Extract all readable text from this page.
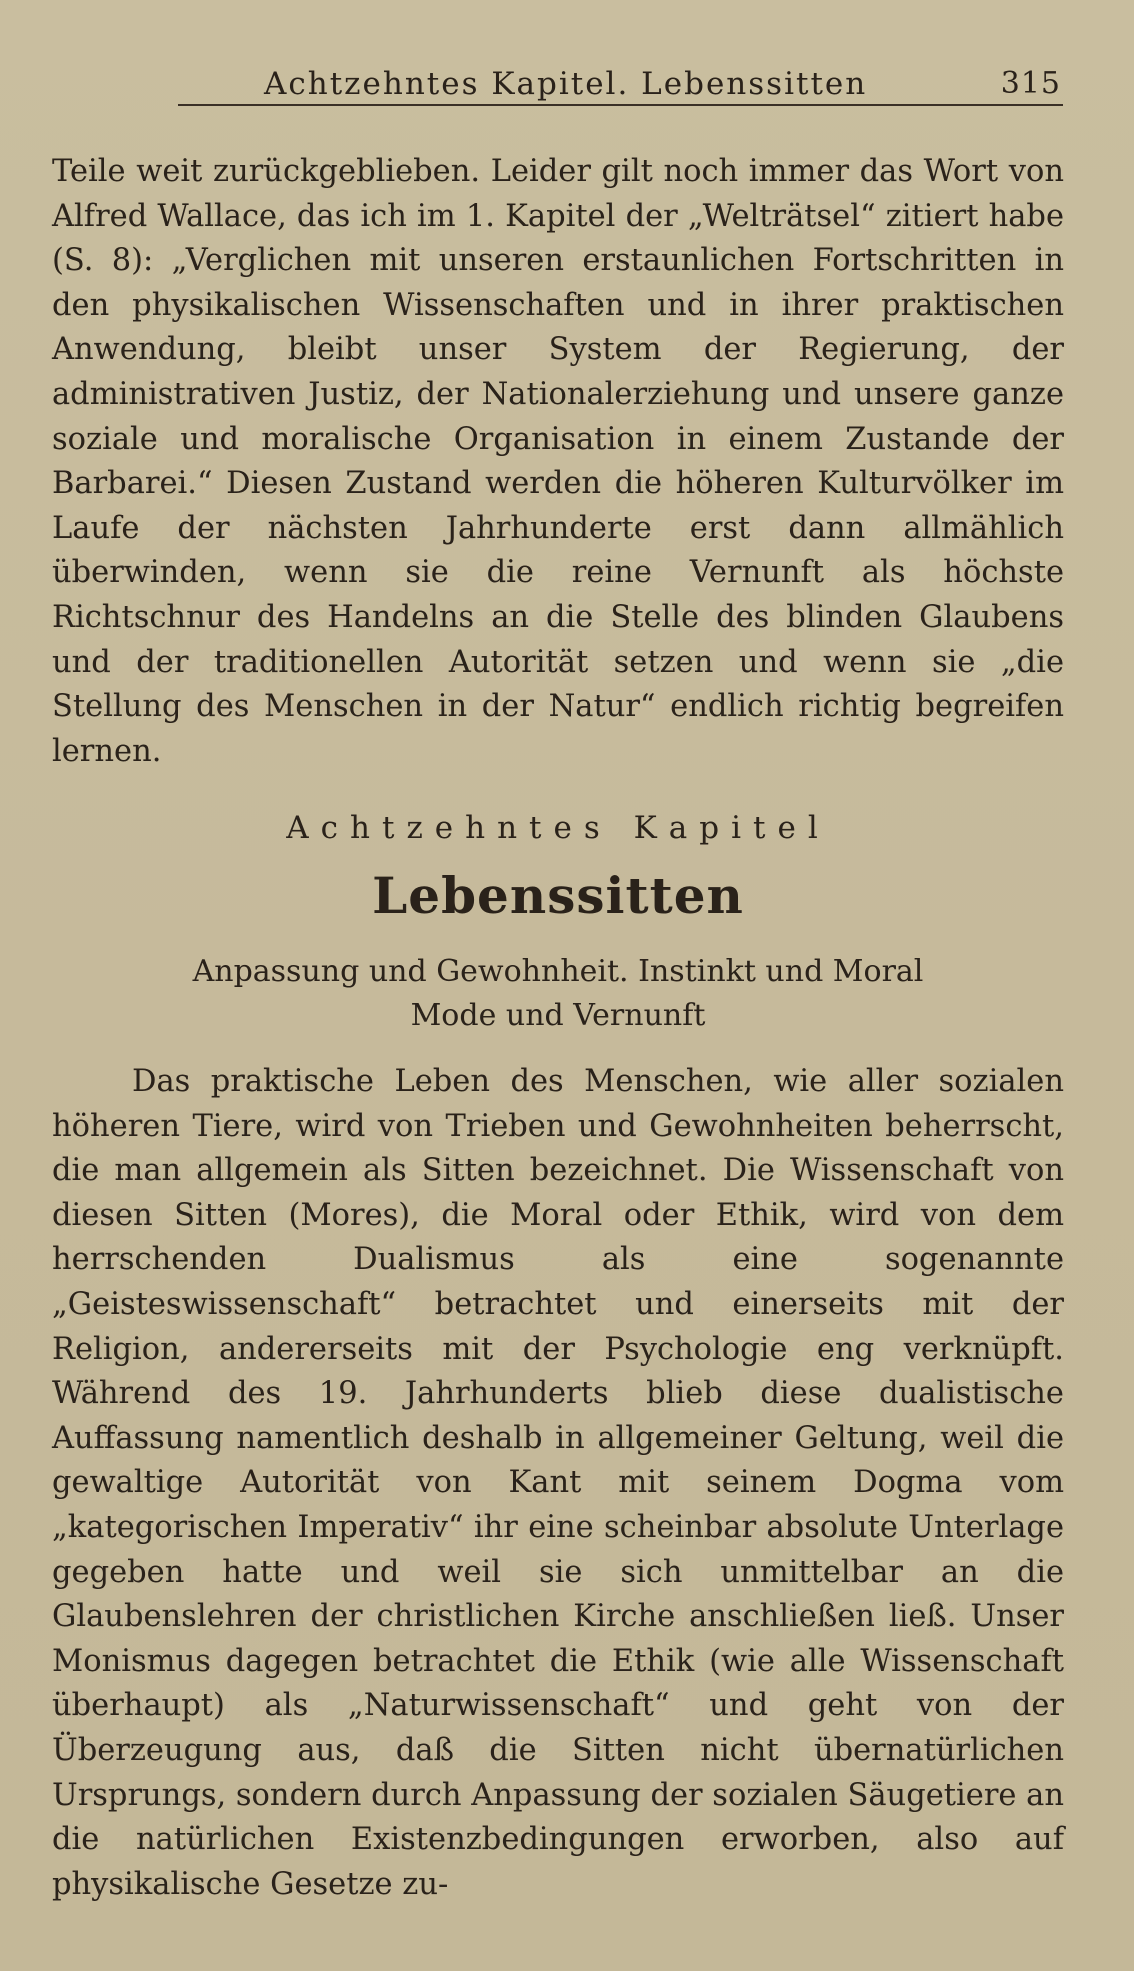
Achtzehntes Kapitel. Lebenssitten	315

Teile weit zurückgeblieben. Leider gilt noch immer das Wort von Alfred Wallace, das ich im 1. Kapitel der „Welträtsel“ zitiert habe (S. 8): „Verglichen mit unseren erstaunlichen Fortschritten in den physikalischen Wissenschaften und in ihrer praktischen Anwendung, bleibt unser System der Regierung, der administrativen Justiz, der Nationalerziehung und unsere ganze soziale und moralische Organisation in einem Zustande der Barbarei.“ Diesen Zustand werden die höheren Kulturvölker im Laufe der nächsten Jahrhunderte erst dann allmählich überwinden, wenn sie die reine Vernunft als höchste Richtschnur des Handelns an die Stelle des blinden Glaubens und der traditionellen Autorität setzen und wenn sie „die Stellung des Menschen in der Natur“ endlich richtig begreifen lernen.

Achtzehntes Kapitel
Lebenssitten
Anpassung und Gewohnheit. Instinkt und Moral
Mode und Vernunft

Das praktische Leben des Menschen, wie aller sozialen höheren Tiere, wird von Trieben und Gewohnheiten beherrscht, die man allgemein als Sitten bezeichnet. Die Wissenschaft von diesen Sitten (Mores), die Moral oder Ethik, wird von dem herrschenden Dualismus als eine sogenannte „Geisteswissenschaft“ betrachtet und einerseits mit der Religion, andererseits mit der Psychologie eng verknüpft. Während des 19. Jahrhunderts blieb diese dualistische Auffassung namentlich deshalb in allgemeiner Geltung, weil die gewaltige Autorität von Kant mit seinem Dogma vom „kategorischen Imperativ“ ihr eine scheinbar absolute Unterlage gegeben hatte und weil sie sich unmittelbar an die Glaubenslehren der christlichen Kirche anschließen ließ. Unser Monismus dagegen betrachtet die Ethik (wie alle Wissenschaft überhaupt) als „Naturwissenschaft“ und geht von der Überzeugung aus, daß die Sitten nicht übernatürlichen Ursprungs, sondern durch Anpassung der sozialen Säugetiere an die natürlichen Existenzbedingungen erworben, also auf physikalische Gesetze zu-
